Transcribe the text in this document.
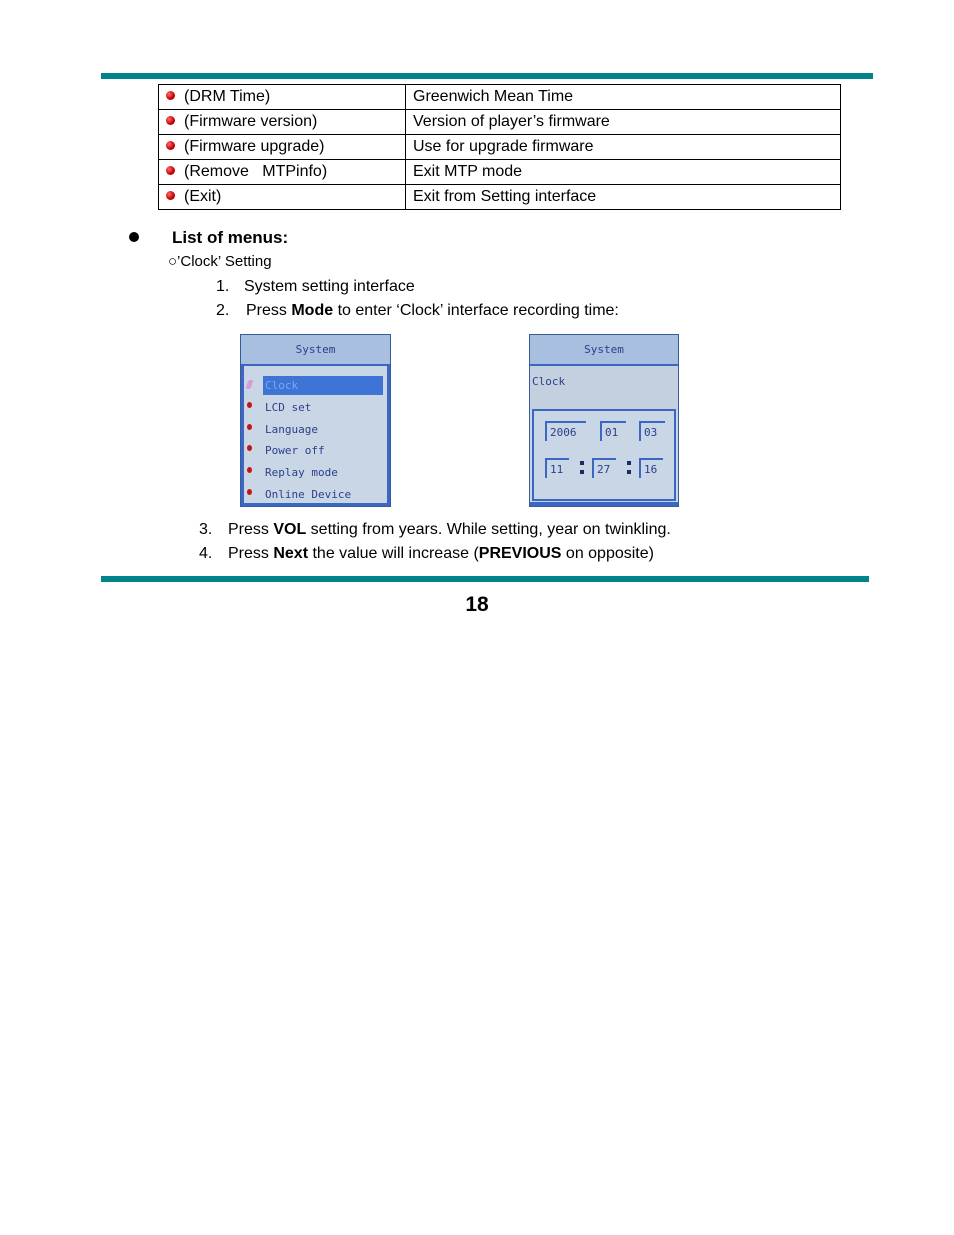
(DRM Time)	Greenwich Mean Time
(Firmware version)	Version of player’s firmware
(Firmware upgrade)	Use for upgrade firmware
(Remove   MTPinfo)	Exit MTP mode
(Exit)	Exit from Setting interface
List of menus:
○’Clock’ Setting
1. System setting interface
2. Press Mode to enter ‘Clock’ interface recording time:
System
Clock
LCD set
Language
Power off
Replay mode
Online Device
System
Clock
2006	01	03
11	27	16
3. Press VOL setting from years. While setting, year on twinkling.
4. Press Next the value will increase (PREVIOUS on opposite)
18
